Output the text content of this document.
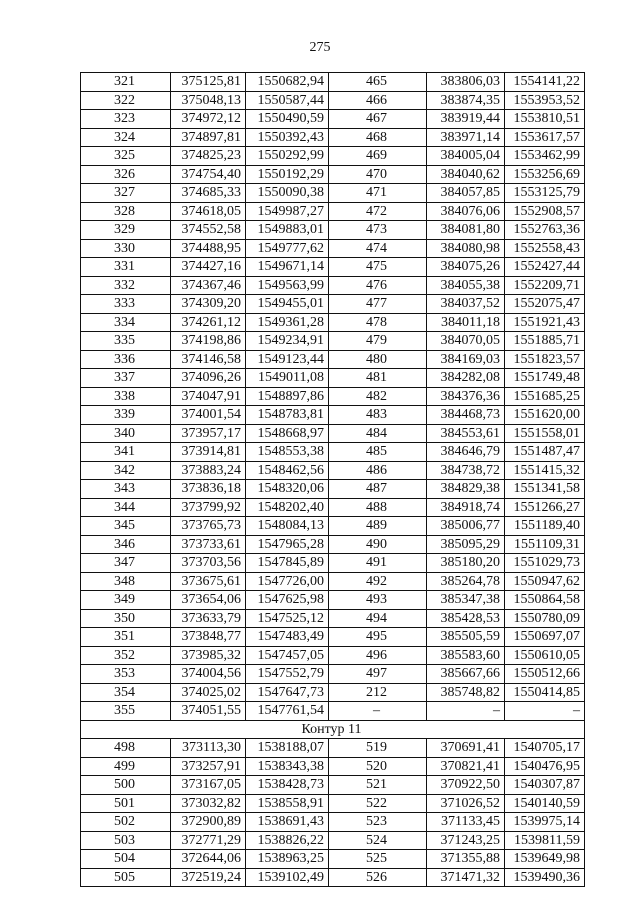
275
321	375125,81	1550682,94	465	383806,03	1554141,22
322	375048,13	1550587,44	466	383874,35	1553953,52
323	374972,12	1550490,59	467	383919,44	1553810,51
324	374897,81	1550392,43	468	383971,14	1553617,57
325	374825,23	1550292,99	469	384005,04	1553462,99
326	374754,40	1550192,29	470	384040,62	1553256,69
327	374685,33	1550090,38	471	384057,85	1553125,79
328	374618,05	1549987,27	472	384076,06	1552908,57
329	374552,58	1549883,01	473	384081,80	1552763,36
330	374488,95	1549777,62	474	384080,98	1552558,43
331	374427,16	1549671,14	475	384075,26	1552427,44
332	374367,46	1549563,99	476	384055,38	1552209,71
333	374309,20	1549455,01	477	384037,52	1552075,47
334	374261,12	1549361,28	478	384011,18	1551921,43
335	374198,86	1549234,91	479	384070,05	1551885,71
336	374146,58	1549123,44	480	384169,03	1551823,57
337	374096,26	1549011,08	481	384282,08	1551749,48
338	374047,91	1548897,86	482	384376,36	1551685,25
339	374001,54	1548783,81	483	384468,73	1551620,00
340	373957,17	1548668,97	484	384553,61	1551558,01
341	373914,81	1548553,38	485	384646,79	1551487,47
342	373883,24	1548462,56	486	384738,72	1551415,32
343	373836,18	1548320,06	487	384829,38	1551341,58
344	373799,92	1548202,40	488	384918,74	1551266,27
345	373765,73	1548084,13	489	385006,77	1551189,40
346	373733,61	1547965,28	490	385095,29	1551109,31
347	373703,56	1547845,89	491	385180,20	1551029,73
348	373675,61	1547726,00	492	385264,78	1550947,62
349	373654,06	1547625,98	493	385347,38	1550864,58
350	373633,79	1547525,12	494	385428,53	1550780,09
351	373848,77	1547483,49	495	385505,59	1550697,07
352	373985,32	1547457,05	496	385583,60	1550610,05
353	374004,56	1547552,79	497	385667,66	1550512,66
354	374025,02	1547647,73	212	385748,82	1550414,85
355	374051,55	1547761,54	–	–	–
Контур 11					
498	373113,30	1538188,07	519	370691,41	1540705,17
499	373257,91	1538343,38	520	370821,41	1540476,95
500	373167,05	1538428,73	521	370922,50	1540307,87
501	373032,82	1538558,91	522	371026,52	1540140,59
502	372900,89	1538691,43	523	371133,45	1539975,14
503	372771,29	1538826,22	524	371243,25	1539811,59
504	372644,06	1538963,25	525	371355,88	1539649,98
505	372519,24	1539102,49	526	371471,32	1539490,36
